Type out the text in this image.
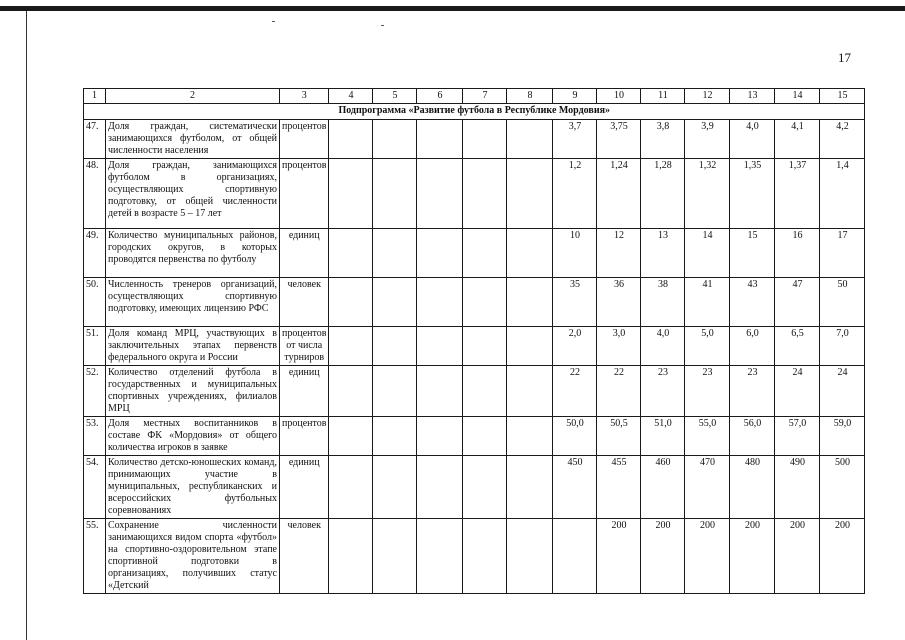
17
1	2	3	4	5	6	7	8	9	10	11	12	13	14	15
Подпрограмма «Развитие футбола в Республике Мордовия»														
47.	Доля граждан, систематически занимающихся футболом, от общей численности населения	процентов						3,7	3,75	3,8	3,9	4,0	4,1	4,2
48.	Доля граждан, занимающихся футболом в организациях, осуществляющих спортивную подготовку, от общей численности детей в возрасте 5 – 17 лет	процентов						1,2	1,24	1,28	1,32	1,35	1,37	1,4
49.	Количество муниципальных районов, городских округов, в которых проводятся первенства по футболу	единиц						10	12	13	14	15	16	17
50.	Численность тренеров организаций, осуществляющих спортивную подготовку, имеющих лицензию РФС	человек						35	36	38	41	43	47	50
51.	Доля команд МРЦ, участвующих в заключительных этапах первенств федерального округа и России	процентов от числа турниров						2,0	3,0	4,0	5,0	6,0	6,5	7,0
52.	Количество отделений футбола в государственных и муниципальных спортивных учреждениях, филиалов МРЦ	единиц						22	22	23	23	23	24	24
53.	Доля местных воспитанников в составе ФК «Мордовия» от общего количества игроков в заявке	процентов						50,0	50,5	51,0	55,0	56,0	57,0	59,0
54.	Количество детско-юношеских команд, принимающих участие в муниципальных, республиканских и всероссийских футбольных соревнованиях	единиц						450	455	460	470	480	490	500
55.	Сохранение численности занимающихся видом спорта «футбол» на спортивно-оздоровительном этапе спортивной подготовки в организациях, получивших статус «Детский	человек							200	200	200	200	200	200
